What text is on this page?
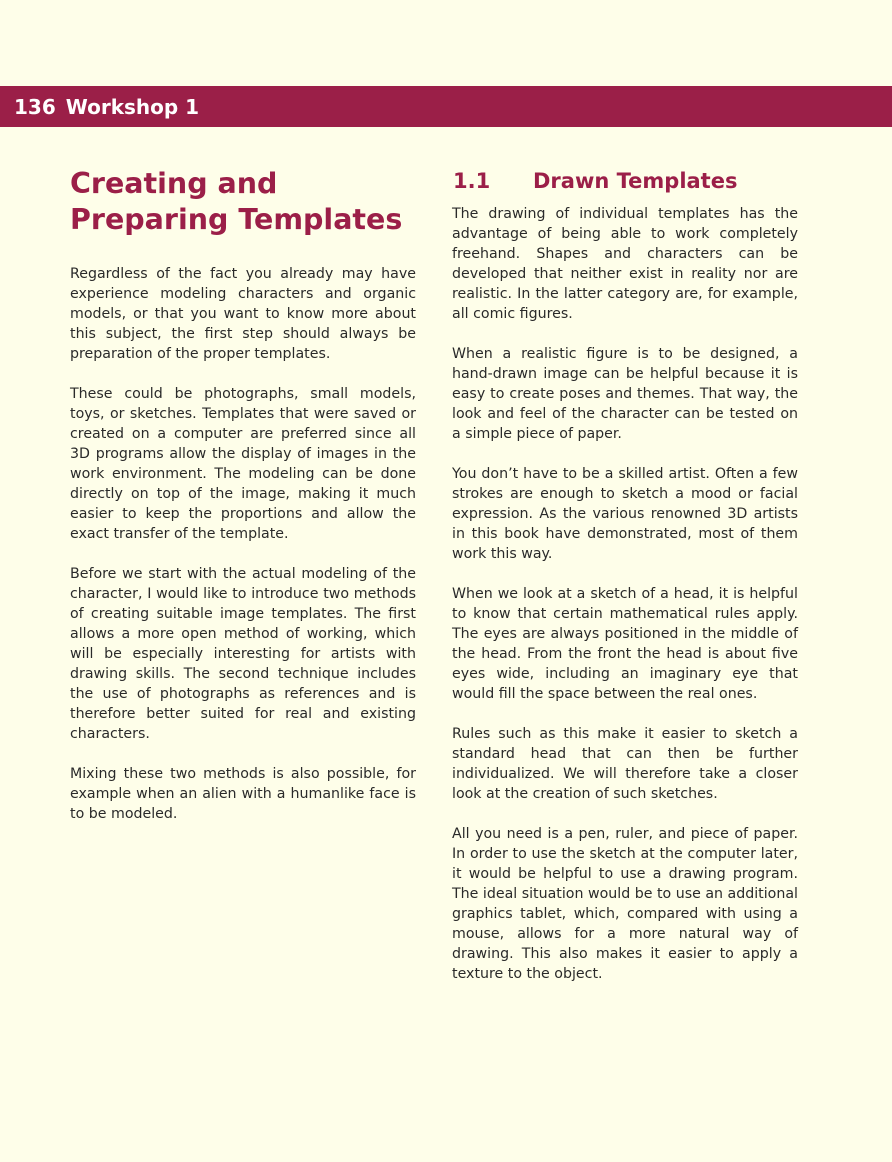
136 Workshop 1
Creating and
Preparing Templates

Regardless of the fact you already may have experience modeling characters and organic models, or that you want to know more about this subject, the first step should always be preparation of the proper templates.

These could be photographs, small models, toys, or sketches. Templates that were saved or created on a computer are preferred since all 3D programs allow the display of images in the work environment. The modeling can be done directly on top of the image, making it much easier to keep the proportions and allow the exact transfer of the template.

Before we start with the actual modeling of the character, I would like to introduce two methods of creating suitable image templates. The first allows a more open method of working, which will be especially interesting for artists with drawing skills. The second technique includes the use of photographs as references and is therefore better suited for real and existing characters.

Mixing these two methods is also possible, for example when an alien with a humanlike face is to be modeled.

1.1 Drawn Templates

The drawing of individual templates has the advantage of being able to work completely freehand. Shapes and characters can be developed that neither exist in reality nor are realistic. In the latter category are, for example, all comic figures.

When a realistic figure is to be designed, a hand-drawn image can be helpful because it is easy to create poses and themes. That way, the look and feel of the character can be tested on a simple piece of paper.

You don’t have to be a skilled artist. Often a few strokes are enough to sketch a mood or facial expression. As the various renowned 3D artists in this book have demonstrated, most of them work this way.

When we look at a sketch of a head, it is helpful to know that certain mathematical rules apply. The eyes are always positioned in the middle of the head. From the front the head is about five eyes wide, including an imaginary eye that would fill the space between the real ones.

Rules such as this make it easier to sketch a standard head that can then be further individualized. We will therefore take a closer look at the creation of such sketches.

All you need is a pen, ruler, and piece of paper. In order to use the sketch at the computer later, it would be helpful to use a drawing program. The ideal situation would be to use an additional graphics tablet, which, compared with using a mouse, allows for a more natural way of drawing. This also makes it easier to apply a texture to the object.
